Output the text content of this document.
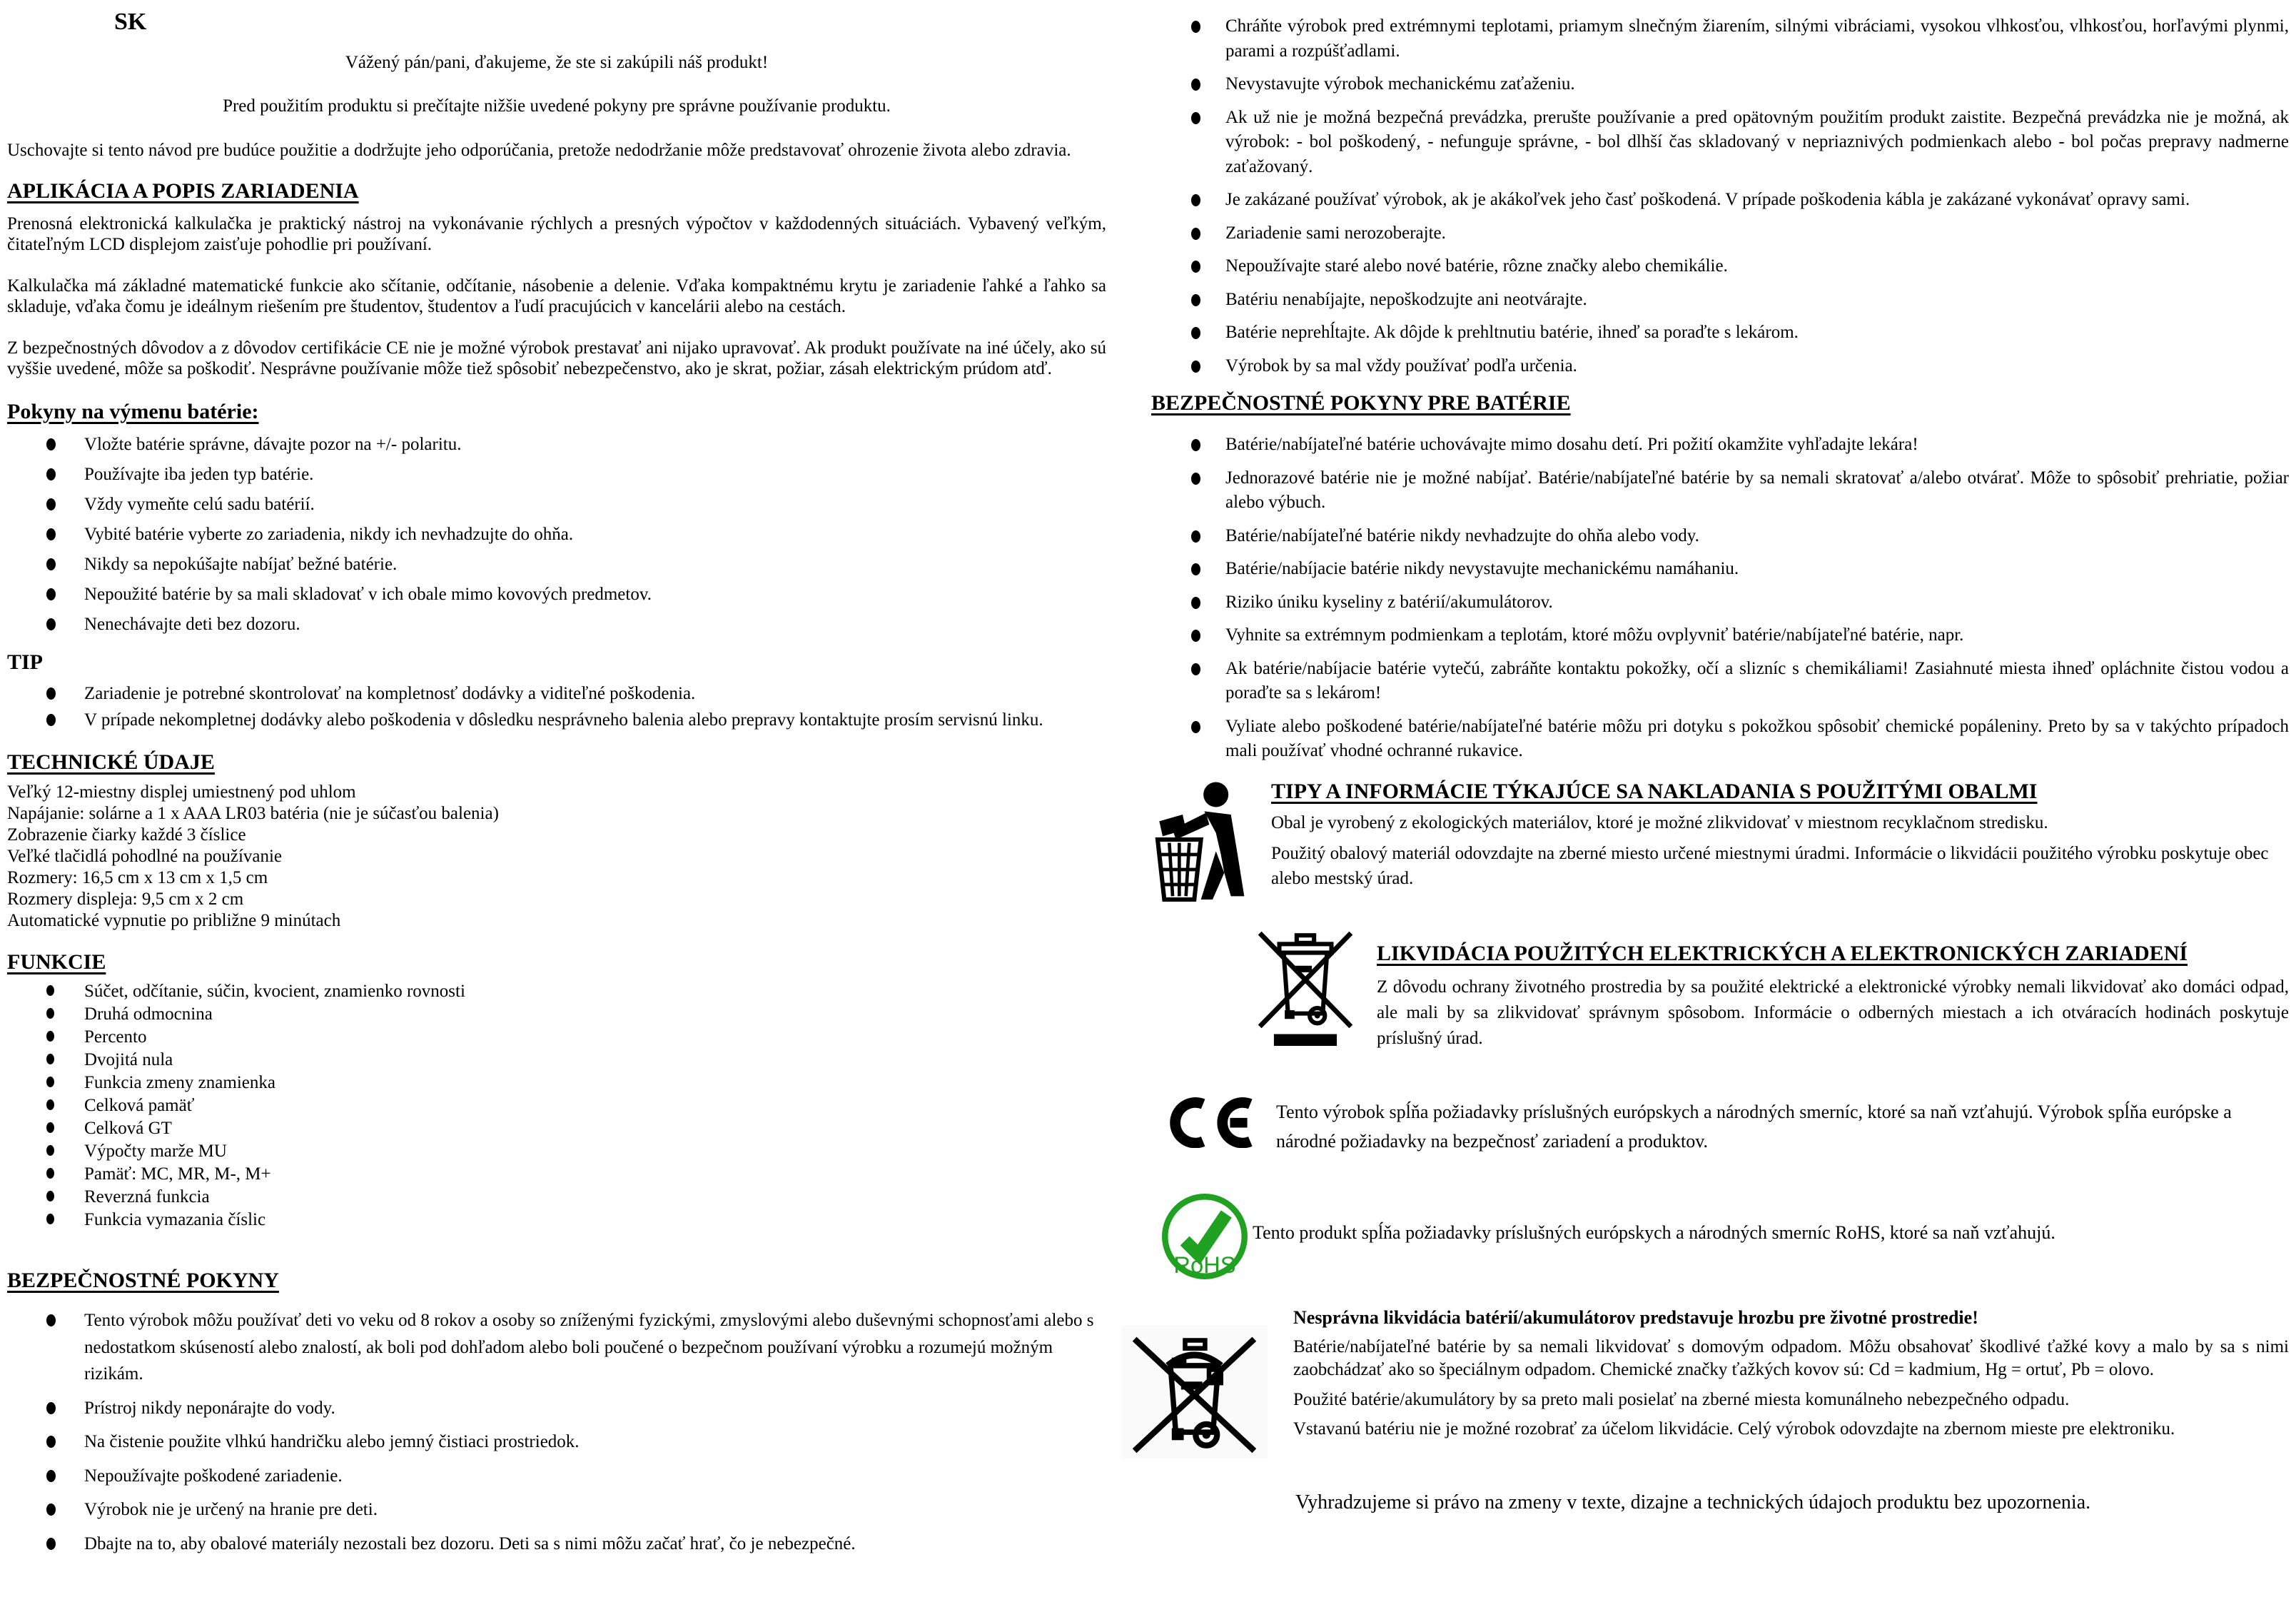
SK

Vážený pán/pani, ďakujeme, že ste si zakúpili náš produkt!

Pred použitím produktu si prečítajte nižšie uvedené pokyny pre správne používanie produktu.

Uschovajte si tento návod pre budúce použitie a dodržujte jeho odporúčania, pretože nedodržanie môže predstavovať ohrozenie života alebo zdravia.

APLIKÁCIA A POPIS ZARIADENIA

Prenosná elektronická kalkulačka je praktický nástroj na vykonávanie rýchlych a presných výpočtov v každodenných situáciách. Vybavený veľkým, čitateľným LCD displejom zaisťuje pohodlie pri používaní.

Kalkulačka má základné matematické funkcie ako sčítanie, odčítanie, násobenie a delenie. Vďaka kompaktnému krytu je zariadenie ľahké a ľahko sa skladuje, vďaka čomu je ideálnym riešením pre študentov, študentov a ľudí pracujúcich v kancelárii alebo na cestách.

Z bezpečnostných dôvodov a z dôvodov certifikácie CE nie je možné výrobok prestavať ani nijako upravovať. Ak produkt používate na iné účely, ako sú vyššie uvedené, môže sa poškodiť. Nesprávne používanie môže tiež spôsobiť nebezpečenstvo, ako je skrat, požiar, zásah elektrickým prúdom atď.

Pokyny na výmenu batérie:
Vložte batérie správne, dávajte pozor na +/- polaritu.
Používajte iba jeden typ batérie.
Vždy vymeňte celú sadu batérií.
Vybité batérie vyberte zo zariadenia, nikdy ich nevhadzujte do ohňa.
Nikdy sa nepokúšajte nabíjať bežné batérie.
Nepoužité batérie by sa mali skladovať v ich obale mimo kovových predmetov.
Nenechávajte deti bez dozoru.
TIP
Zariadenie je potrebné skontrolovať na kompletnosť dodávky a viditeľné poškodenia.
V prípade nekompletnej dodávky alebo poškodenia v dôsledku nesprávneho balenia alebo prepravy kontaktujte prosím servisnú linku.
TECHNICKÉ ÚDAJE
Veľký 12-miestny displej umiestnený pod uhlom
Napájanie: solárne a 1 x AAA LR03 batéria (nie je súčasťou balenia)
Zobrazenie čiarky každé 3 číslice
Veľké tlačidlá pohodlné na používanie
Rozmery: 16,5 cm x 13 cm x 1,5 cm
Rozmery displeja: 9,5 cm x 2 cm
Automatické vypnutie po približne 9 minútach
FUNKCIE
Súčet, odčítanie, súčin, kvocient, znamienko rovnosti
Druhá odmocnina
Percento
Dvojitá nula
Funkcia zmeny znamienka
Celková pamäť
Celková GT
Výpočty marže MU
Pamäť: MC, MR, M-, M+
Reverzná funkcia
Funkcia vymazania číslic
BEZPEČNOSTNÉ POKYNY
Tento výrobok môžu používať deti vo veku od 8 rokov a osoby so zníženými fyzickými, zmyslovými alebo duševnými schopnosťami alebo s nedostatkom skúseností alebo znalostí, ak boli pod dohľadom alebo boli poučené o bezpečnom používaní výrobku a rozumejú možným rizikám.
Prístroj nikdy neponárajte do vody.
Na čistenie použite vlhkú handričku alebo jemný čistiaci prostriedok.
Nepoužívajte poškodené zariadenie.
Výrobok nie je určený na hranie pre deti.
Dbajte na to, aby obalové materiály nezostali bez dozoru. Deti sa s nimi môžu začať hrať, čo je nebezpečné.
Chráňte výrobok pred extrémnymi teplotami, priamym slnečným žiarením, silnými vibráciami, vysokou vlhkosťou, vlhkosťou, horľavými plynmi, parami a rozpúšťadlami.
Nevystavujte výrobok mechanickému zaťaženiu.
Ak už nie je možná bezpečná prevádzka, prerušte používanie a pred opätovným použitím produkt zaistite. Bezpečná prevádzka nie je možná, ak výrobok: - bol poškodený, - nefunguje správne, - bol dlhší čas skladovaný v nepriaznivých podmienkach alebo - bol počas prepravy nadmerne zaťažovaný.
Je zakázané používať výrobok, ak je akákoľvek jeho časť poškodená. V prípade poškodenia kábla je zakázané vykonávať opravy sami.
Zariadenie sami nerozoberajte.
Nepoužívajte staré alebo nové batérie, rôzne značky alebo chemikálie.
Batériu nenabíjajte, nepoškodzujte ani neotvárajte.
Batérie neprehĺtajte. Ak dôjde k prehltnutiu batérie, ihneď sa poraďte s lekárom.
Výrobok by sa mal vždy používať podľa určenia.
BEZPEČNOSTNÉ POKYNY PRE BATÉRIE
Batérie/nabíjateľné batérie uchovávajte mimo dosahu detí. Pri požití okamžite vyhľadajte lekára!
Jednorazové batérie nie je možné nabíjať. Batérie/nabíjateľné batérie by sa nemali skratovať a/alebo otvárať. Môže to spôsobiť prehriatie, požiar alebo výbuch.
Batérie/nabíjateľné batérie nikdy nevhadzujte do ohňa alebo vody.
Batérie/nabíjacie batérie nikdy nevystavujte mechanickému namáhaniu.
Riziko úniku kyseliny z batérií/akumulátorov.
Vyhnite sa extrémnym podmienkam a teplotám, ktoré môžu ovplyvniť batérie/nabíjateľné batérie, napr.
Ak batérie/nabíjacie batérie vytečú, zabráňte kontaktu pokožky, očí a slizníc s chemikáliami! Zasiahnuté miesta ihneď opláchnite čistou vodou a poraďte sa s lekárom!
Vyliate alebo poškodené batérie/nabíjateľné batérie môžu pri dotyku s pokožkou spôsobiť chemické popáleniny. Preto by sa v takýchto prípadoch mali používať vhodné ochranné rukavice.
TIPY A INFORMÁCIE TÝKAJÚCE SA NAKLADANIA S POUŽITÝMI OBALMI

Obal je vyrobený z ekologických materiálov, ktoré je možné zlikvidovať v miestnom recyklačnom stredisku.

Použitý obalový materiál odovzdajte na zberné miesto určené miestnymi úradmi. Informácie o likvidácii použitého výrobku poskytuje obec alebo mestský úrad.

LIKVIDÁCIA POUŽITÝCH ELEKTRICKÝCH A ELEKTRONICKÝCH ZARIADENÍ

Z dôvodu ochrany životného prostredia by sa použité elektrické a elektronické výrobky nemali likvidovať ako domáci odpad, ale mali by sa zlikvidovať správnym spôsobom. Informácie o odberných miestach a ich otváracích hodinách poskytuje príslušný úrad.

Tento výrobok spĺňa požiadavky príslušných európskych a národných smerníc, ktoré sa naň vzťahujú. Výrobok spĺňa európske a národné požiadavky na bezpečnosť zariadení a produktov.

RoHS

Tento produkt spĺňa požiadavky príslušných európskych a národných smerníc RoHS, ktoré sa naň vzťahujú.

Nesprávna likvidácia batérií/akumulátorov predstavuje hrozbu pre životné prostredie!

Batérie/nabíjateľné batérie by sa nemali likvidovať s domovým odpadom. Môžu obsahovať škodlivé ťažké kovy a malo by sa s nimi zaobchádzať ako so špeciálnym odpadom. Chemické značky ťažkých kovov sú: Cd = kadmium, Hg = ortuť, Pb = olovo.

Použité batérie/akumulátory by sa preto mali posielať na zberné miesta komunálneho nebezpečného odpadu.

Vstavanú batériu nie je možné rozobrať za účelom likvidácie. Celý výrobok odovzdajte na zbernom mieste pre elektroniku.

Vyhradzujeme si právo na zmeny v texte, dizajne a technických údajoch produktu bez upozornenia.
